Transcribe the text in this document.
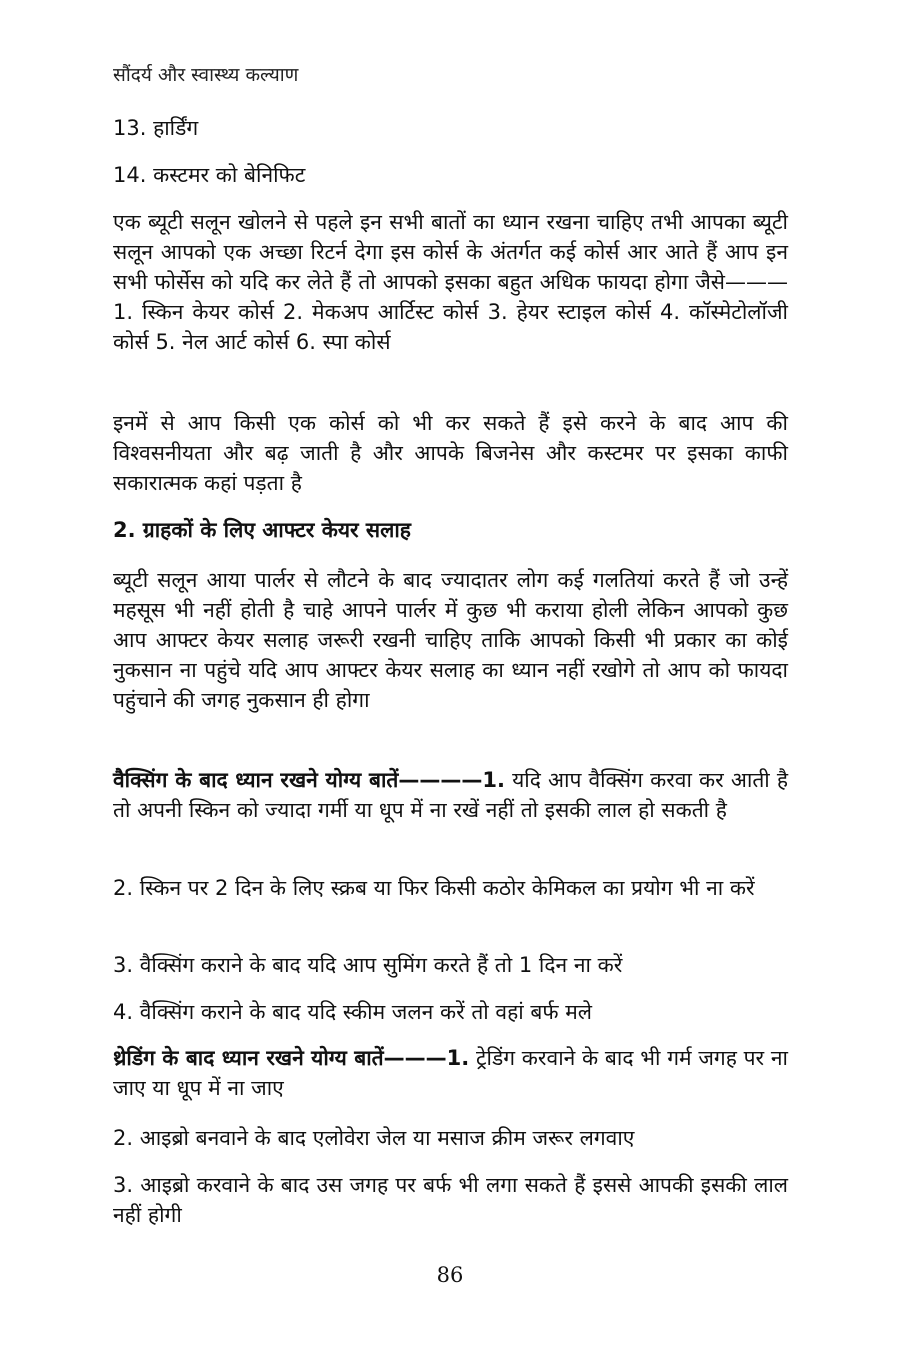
सौंदर्य और स्वास्थ्य कल्याण
13. हार्डिंग
14. कस्टमर को बेनिफिट
एक ब्यूटी सलून खोलने से पहले इन सभी बातों का ध्यान रखना चाहिए तभी आपका ब्यूटी सलून आपको एक अच्छा रिटर्न देगा इस कोर्स के अंतर्गत कई कोर्स आर आते हैं आप इन सभी फोर्सेस को यदि कर लेते हैं तो आपको इसका बहुत अधिक फायदा होगा जैसे———1. स्किन केयर कोर्स 2. मेकअप आर्टिस्ट कोर्स 3. हेयर स्टाइल कोर्स 4. कॉस्मेटोलॉजी कोर्स 5. नेल आर्ट कोर्स 6. स्पा कोर्स
इनमें से आप किसी एक कोर्स को भी कर सकते हैं इसे करने के बाद आप की विश्वसनीयता और बढ़ जाती है और आपके बिजनेस और कस्टमर पर इसका काफी सकारात्मक कहां पड़ता है
2. ग्राहकों के लिए आफ्टर केयर सलाह
ब्यूटी सलून आया पार्लर से लौटने के बाद ज्यादातर लोग कई गलतियां करते हैं जो उन्हें महसूस भी नहीं होती है चाहे आपने पार्लर में कुछ भी कराया होली लेकिन आपको कुछ आप आफ्टर केयर सलाह जरूरी रखनी चाहिए ताकि आपको किसी भी प्रकार का कोई नुकसान ना पहुंचे यदि आप आफ्टर केयर सलाह का ध्यान नहीं रखोगे तो आप को फायदा पहुंचाने की जगह नुकसान ही होगा
वैक्सिंग के बाद ध्यान रखने योग्य बातें————1. यदि आप वैक्सिंग करवा कर आती है तो अपनी स्किन को ज्यादा गर्मी या धूप में ना रखें नहीं तो इसकी लाल हो सकती है
2. स्किन पर 2 दिन के लिए स्क्रब या फिर किसी कठोर केमिकल का प्रयोग भी ना करें
3. वैक्सिंग कराने के बाद यदि आप सुमिंग करते हैं तो 1 दिन ना करें
4. वैक्सिंग कराने के बाद यदि स्कीम जलन करें तो वहां बर्फ मले
थ्रेडिंग के बाद ध्यान रखने योग्य बातें———1. ट्रेडिंग करवाने के बाद भी गर्म जगह पर ना जाए या धूप में ना जाए
2. आइब्रो बनवाने के बाद एलोवेरा जेल या मसाज क्रीम जरूर लगवाए
3. आइब्रो करवाने के बाद उस जगह पर बर्फ भी लगा सकते हैं इससे आपकी इसकी लाल नहीं होगी
86
